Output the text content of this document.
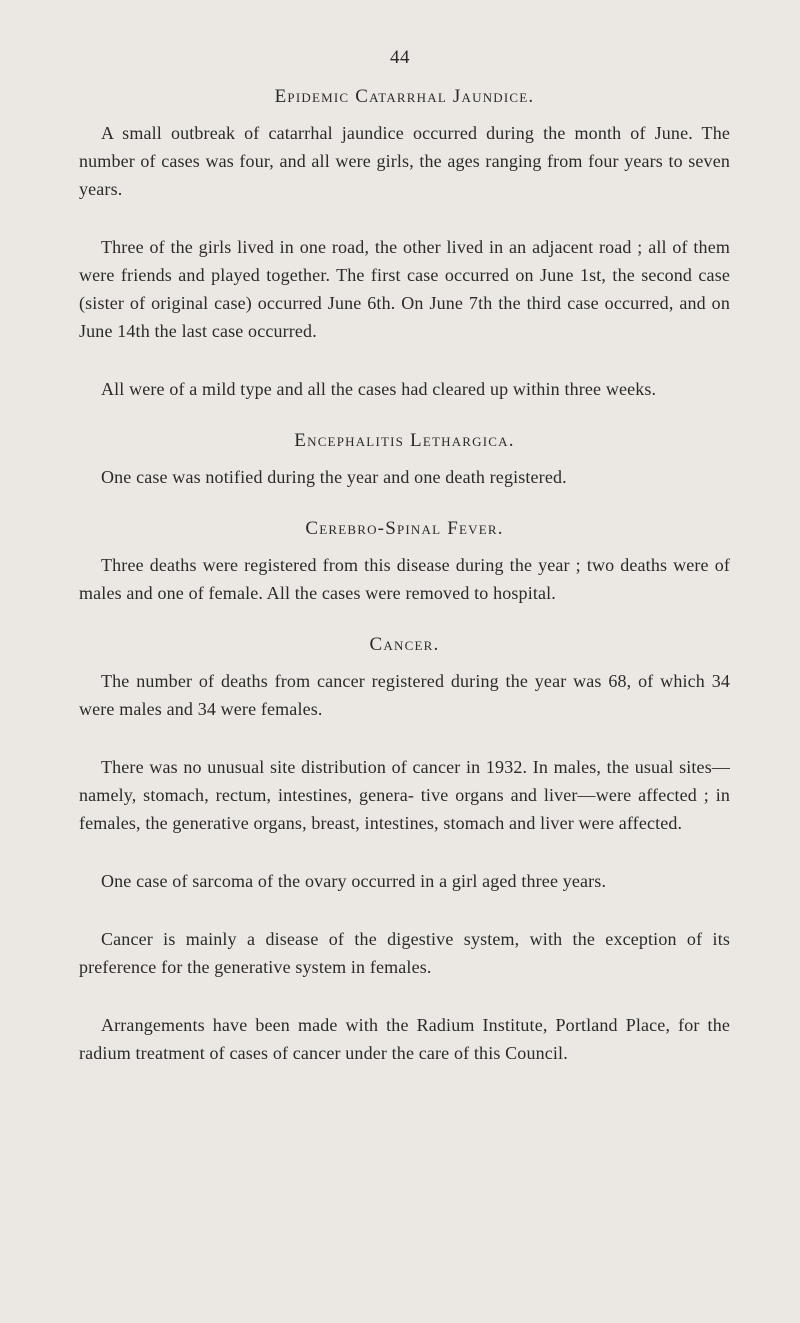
44
Epidemic Catarrhal Jaundice.

A small outbreak of catarrhal jaundice occurred during the month of June. The number of cases was four, and all were girls, the ages ranging from four years to seven years.

Three of the girls lived in one road, the other lived in an adjacent road ; all of them were friends and played together. The first case occurred on June 1st, the second case (sister of original case) occurred June 6th. On June 7th the third case occurred, and on June 14th the last case occurred.

All were of a mild type and all the cases had cleared up within three weeks.

Encephalitis Lethargica.

One case was notified during the year and one death registered.

Cerebro-Spinal Fever.

Three deaths were registered from this disease during the year ; two deaths were of males and one of female. All the cases were removed to hospital.

Cancer.

The number of deaths from cancer registered during the year was 68, of which 34 were males and 34 were females.

There was no unusual site distribution of cancer in 1932. In males, the usual sites—namely, stomach, rectum, intestines, genera- tive organs and liver—were affected ; in females, the generative organs, breast, intestines, stomach and liver were affected.

One case of sarcoma of the ovary occurred in a girl aged three years.

Cancer is mainly a disease of the digestive system, with the exception of its preference for the generative system in females.

Arrangements have been made with the Radium Institute, Portland Place, for the radium treatment of cases of cancer under the care of this Council.
